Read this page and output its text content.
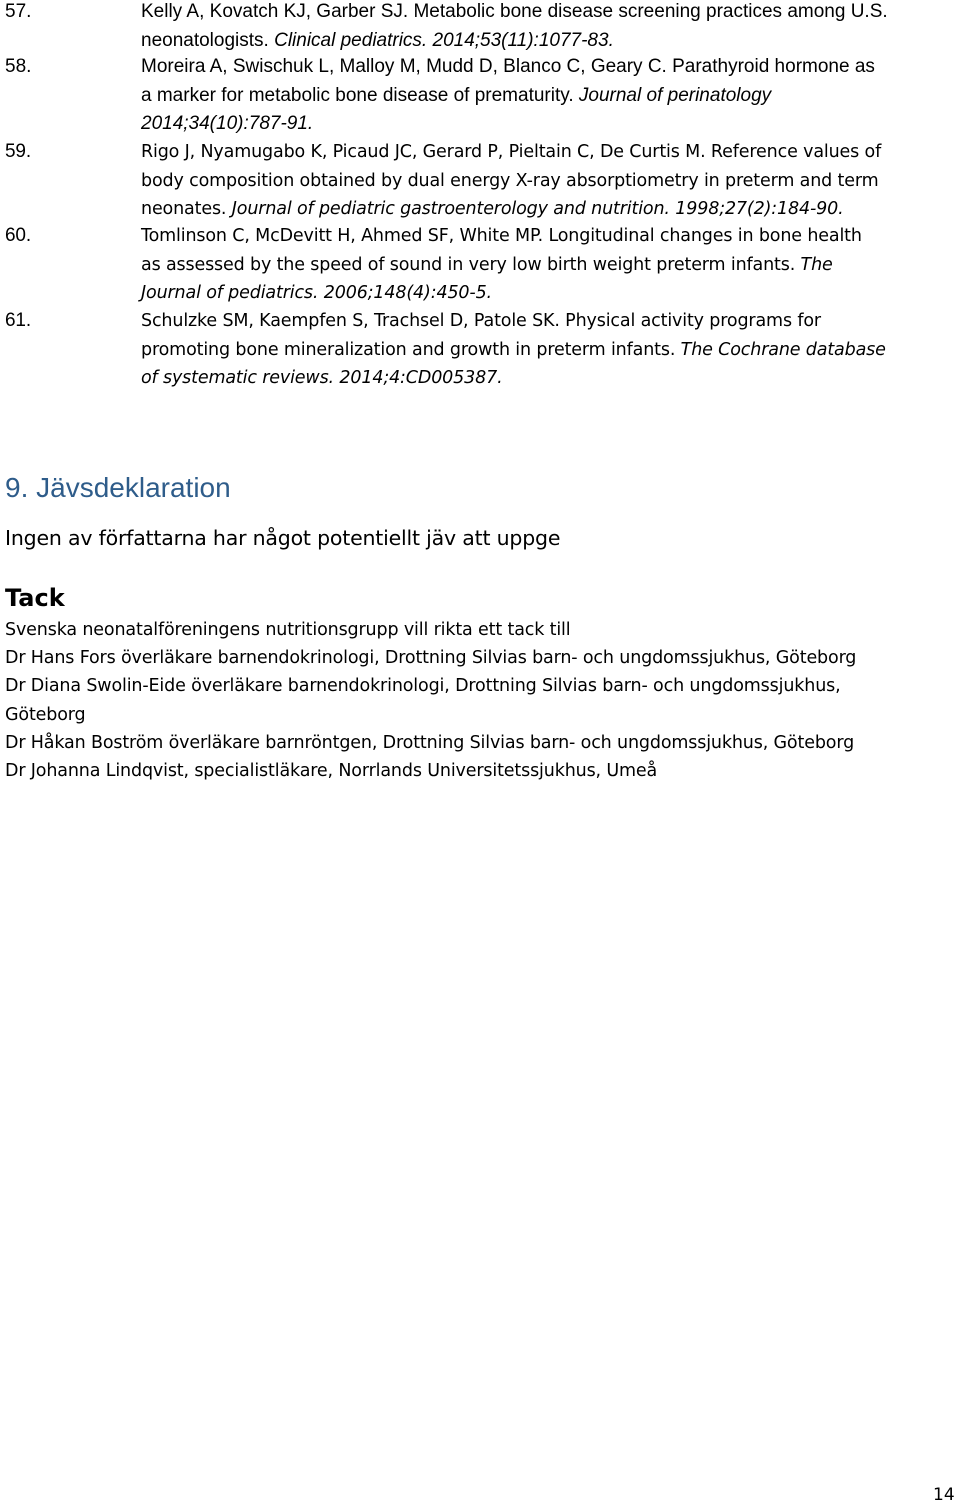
57.	Kelly A, Kovatch KJ, Garber SJ. Metabolic bone disease screening practices among U.S.
neonatologists. Clinical pediatrics. 2014;53(11):1077-83.
58.	Moreira A, Swischuk L, Malloy M, Mudd D, Blanco C, Geary C. Parathyroid hormone as
a marker for metabolic bone disease of prematurity. Journal of perinatology
2014;34(10):787-91.
59.	Rigo J, Nyamugabo K, Picaud JC, Gerard P, Pieltain C, De Curtis M. Reference values of
body composition obtained by dual energy X-ray absorptiometry in preterm and term
neonates. Journal of pediatric gastroenterology and nutrition. 1998;27(2):184-90.
60.	Tomlinson C, McDevitt H, Ahmed SF, White MP. Longitudinal changes in bone health
as assessed by the speed of sound in very low birth weight preterm infants. The
Journal of pediatrics. 2006;148(4):450-5.
61.	Schulzke SM, Kaempfen S, Trachsel D, Patole SK. Physical activity programs for
promoting bone mineralization and growth in preterm infants. The Cochrane database
of systematic reviews. 2014;4:CD005387.
9. Jävsdeklaration
Ingen av författarna har något potentiellt jäv att uppge
Tack
Svenska neonatalföreningens nutritionsgrupp vill rikta ett tack till
Dr Hans Fors överläkare barnendokrinologi, Drottning Silvias barn- och ungdomssjukhus, Göteborg
Dr Diana Swolin-Eide överläkare barnendokrinologi, Drottning Silvias barn- och ungdomssjukhus,
Göteborg
Dr Håkan Boström överläkare barnröntgen, Drottning Silvias barn- och ungdomssjukhus, Göteborg
Dr Johanna Lindqvist, specialistläkare, Norrlands Universitetssjukhus, Umeå
14
